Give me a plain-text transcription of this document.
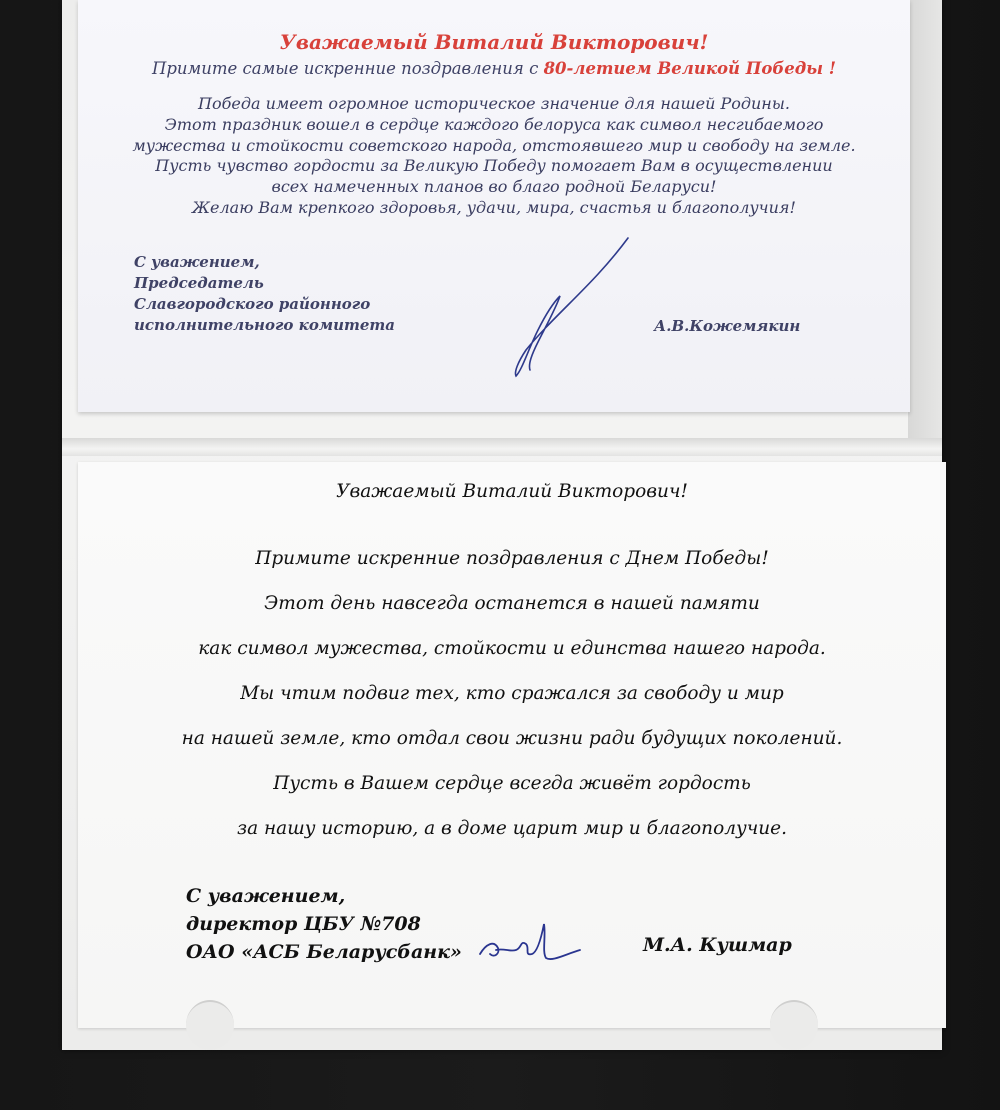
Уважаемый Виталий Викторович!
Примите самые искренние поздравления с 80-летием Великой Победы !
Победа имеет огромное историческое значение для нашей Родины.
Этот праздник вошел в сердце каждого белоруса как символ несгибаемого
мужества и стойкости советского народа, отстоявшего мир и свободу на земле.
Пусть чувство гордости за Великую Победу помогает Вам в осуществлении
всех намеченных планов во благо родной Беларуси!
Желаю Вам крепкого здоровья, удачи, мира, счастья и благополучия!
С уважением,
Председатель
Славгородского районного
исполнительного комитета	А.В.Кожемякин
Уважаемый Виталий Викторович!
Примите искренние поздравления с Днем Победы!
Этот день навсегда останется в нашей памяти
как символ мужества, стойкости и единства нашего народа.
Мы чтим подвиг тех, кто сражался за свободу и мир
на нашей земле, кто отдал свои жизни ради будущих поколений.
Пусть в Вашем сердце всегда живёт гордость
за нашу историю, а в доме царит мир и благополучие.
С уважением,
директор ЦБУ №708
ОАО «АСБ Беларусбанк»	М.А. Кушмар
